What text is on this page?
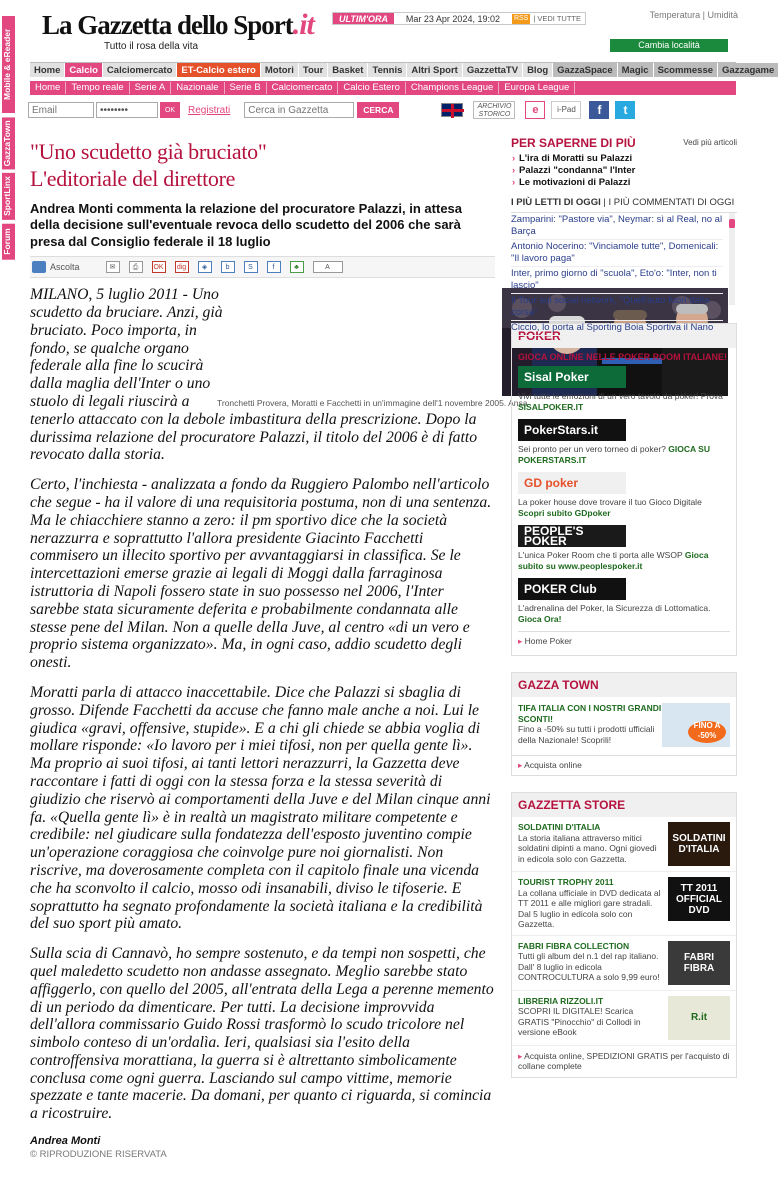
Mobile & eReader
GazzaTown
SportLinx
Forum
La Gazzetta dello Sport.it
Tutto il rosa della vita
ULTIM'ORA	Mar 23 Apr 2024, 19:02	RSS | VEDI TUTTE	Temperatura | Umidità
Cambia località
Home Calcio Calciomercato ET-Calcio estero Motori Tour Basket Tennis Altri Sport GazzettaTV Blog GazzaSpace Magic Scommesse Gazzagame
Home	Tempo reale	Serie A	Nazionale	Serie B	Calciomercato	Calcio Estero	Champions League	Europa League
Email
••••••••
OK	Registrati
Cerca in Gazzetta	CERCA	ARCHIVIO STORICO	e	i-Pad	f	t
"Uno scudetto già bruciato"
L'editoriale del direttore
Andrea Monti commenta la relazione del procuratore Palazzi, in attesa della decisione sull'eventuale revoca dello scudetto del 2006 che sarà presa dal Consiglio federale il 18 luglio
Ascolta	✉	⎙	OK	dig	◈	b	S	f	♣	A

MILANO, 5 luglio 2011 - Uno scudetto da bruciare. Anzi, già bruciato. Poco importa, in fondo, se qualche organo federale alla fine lo scucirà dalla maglia dell'Inter o uno stuolo di legali riuscirà a tenerlo attaccato con la debole imbastitura della prescrizione. Dopo la durissima relazione del procuratore Palazzi, il titolo del 2006 è di fatto revocato dalla storia.

Certo, l'inchiesta - analizzata a fondo da Ruggiero Palombo nell'articolo che segue - ha il valore di una requisitoria postuma, non di una sentenza. Ma le chiacchiere stanno a zero: il pm sportivo dice che la società nerazzurra e soprattutto l'allora presidente Giacinto Facchetti commisero un illecito sportivo per avvantaggiarsi in classifica. Se le intercettazioni emerse grazie ai legali di Moggi dalla farraginosa istruttoria di Napoli fossero state in suo possesso nel 2006, l'Inter sarebbe stata sicuramente deferita e probabilmente condannata alle stesse pene del Milan. Non a quelle della Juve, al centro «di un vero e proprio sistema organizzato». Ma, in ogni caso, addio scudetto degli onesti.

Moratti parla di attacco inaccettabile. Dice che Palazzi si sbaglia di grosso. Difende Facchetti da accuse che fanno male anche a noi. Lui le giudica «gravi, offensive, stupide». E a chi gli chiede se abbia voglia di mollare risponde: «Io lavoro per i miei tifosi, non per quella gente lì». Ma proprio ai suoi tifosi, ai tanti lettori nerazzurri, la Gazzetta deve raccontare i fatti di oggi con la stessa forza e la stessa severità di giudizio che riservò ai comportamenti della Juve e del Milan cinque anni fa. «Quella gente lì» è in realtà un magistrato militare competente e credibile: nel giudicare sulla fondatezza dell'esposto juventino compie un'operazione coraggiosa che coinvolge pure noi giornalisti. Non riscrive, ma doverosamente completa con il capitolo finale una vicenda che ha sconvolto il calcio, mosso odi insanabili, diviso le tifoserie. E soprattutto ha segnato profondamente la società italiana e la credibilità del suo sport più amato.

Sulla scia di Cannavò, ho sempre sostenuto, e da tempi non sospetti, che quel maledetto scudetto non andasse assegnato. Meglio sarebbe stato affiggerlo, con quello del 2005, all'entrata della Lega a perenne memento di un periodo da dimenticare. Per tutti. La decisione improvvida dell'allora commissario Guido Rossi trasformò lo scudo tricolore nel simbolo conteso di un'ordalìa. Ieri, qualsiasi sia l'esito della controffensiva morattiana, la guerra si è altrettanto simbolicamente conclusa come ogni guerra. Lasciando sul campo vittime, memorie spezzate e tante macerie. Da domani, per quanto ci riguarda, si comincia a ricostruire.

Andrea Monti
© RIPRODUZIONE RISERVATA
Tronchetti Provera, Moratti e Facchetti in un'immagine dell'1 novembre 2005. Ansa
PER SAPERNE DI PIÙ	Vedi più articoli
› L'ira di Moratti su Palazzi
› Palazzi "condanna" l'Inter
› Le motivazioni di Palazzi
I PIÙ LETTI DI OGGI | I PIÙ COMMENTATI DI OGGI
Zamparini: "Pastore via", Neymar: sì al Real, no al Barça
Antonio Nocerino: "Vinciamole tutte", Domenicali: "Il lavoro paga"
Inter, primo giorno di "scuola", Eto'o: "Inter, non ti lascio"
Il Tour sui social network, "Quell'auto fuori dalla corsa"
Ciccio, lo porta al Sporting Boia Sportiva il Nano
POKER
GIOCA ONLINE NELLE POKER ROOM ITALIANE!
Sisal Poker
Vivi tutte le emozioni di un vero tavolo da poker! Prova SISALPOKER.IT
PokerStars.it
Sei pronto per un vero torneo di poker? GIOCA SU POKERSTARS.IT
GD poker
La poker house dove trovare il tuo Gioco Digitale Scopri subito GDpoker
PEOPLE'S POKER
L'unica Poker Room che ti porta alle WSOP Gioca subito su www.peoplespoker.it
POKER Club
L'adrenalina del Poker, la Sicurezza di Lottomatica. Gioca Ora!
▸ Home Poker
GAZZA TOWN
TIFA ITALIA CON I NOSTRI GRANDI SCONTI!
Fino a -50% su tutti i prodotti ufficiali della Nazionale! Scoprili!
FINO A -50%
▸ Acquista online
GAZZETTA STORE
SOLDATINI D'ITALIA
La storia italiana attraverso mitici soldatini dipinti a mano. Ogni giovedì in edicola solo con Gazzetta.
SOLDATINI D'ITALIA
TOURIST TROPHY 2011
La collana ufficiale in DVD dedicata al TT 2011 e alle migliori gare stradali. Dal 5 luglio in edicola solo con Gazzetta.
TT 2011 OFFICIAL DVD
FABRI FIBRA COLLECTION
Tutti gli album del n.1 del rap italiano. Dall' 8 luglio in edicola CONTROCULTURA a solo 9,99 euro!
FABRI FIBRA
LIBRERIA RIZZOLI.IT
SCOPRI IL DIGITALE! Scarica GRATIS "Pinocchio" di Collodi in versione eBook
R.it
▸ Acquista online, SPEDIZIONI GRATIS per l'acquisto di collane complete
